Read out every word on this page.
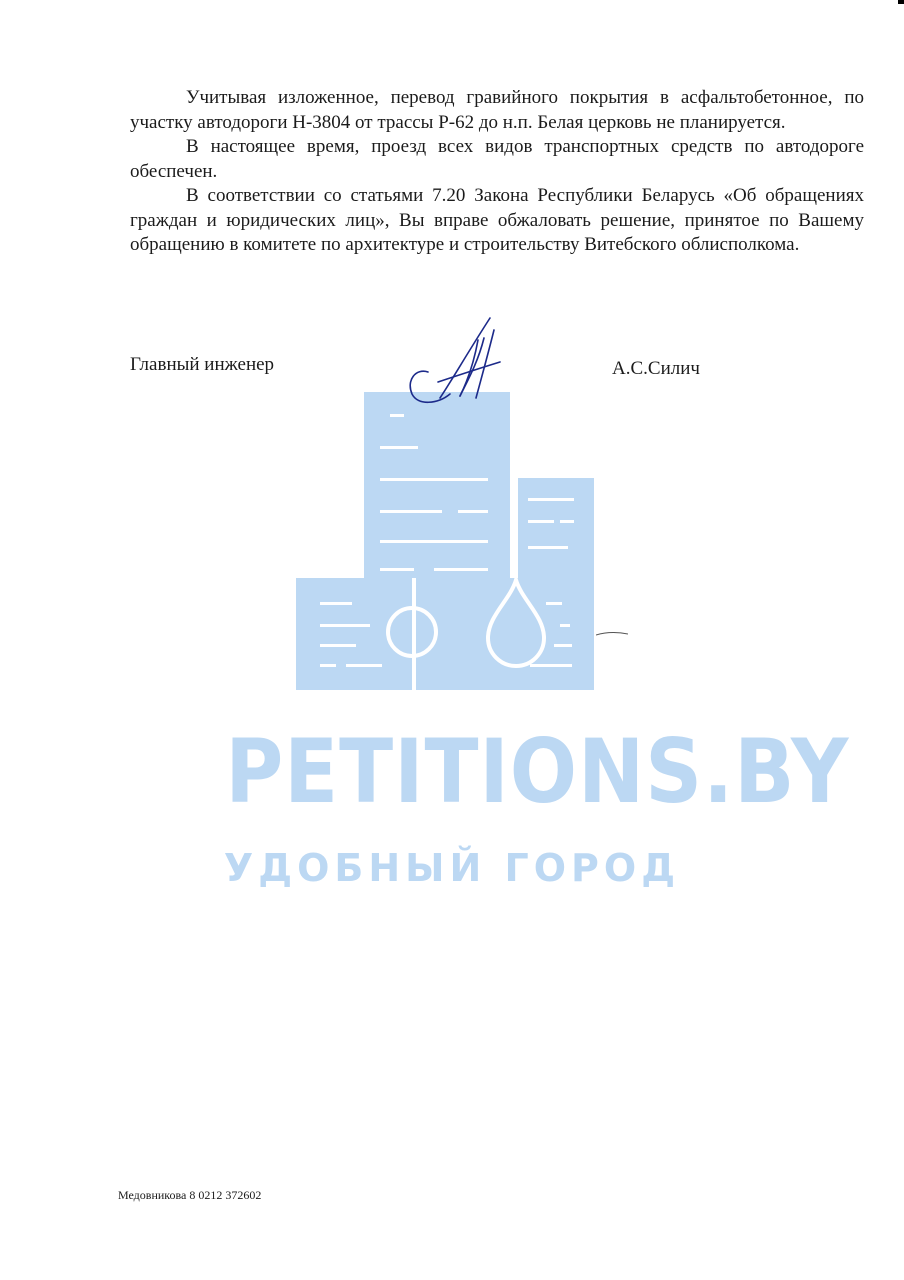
PETITIONS.BY
УДОБНЫЙ ГОРОД

Учитывая изложенное, перевод гравийного покрытия в асфальтобетонное, по участку автодороги Н-3804 от трассы Р-62 до н.п. Белая церковь не планируется.

В настоящее время, проезд всех видов транспортных средств по автодороге обеспечен.

В соответствии со статьями 7.20 Закона Республики Беларусь «Об обращениях граждан и юридических лиц», Вы вправе обжаловать решение, принятое по Вашему обращению в комитете по архитектуре и строительству Витебского облисполкома.

Главный инженер	А.С.Силич
Медовникова 8 0212 372602
